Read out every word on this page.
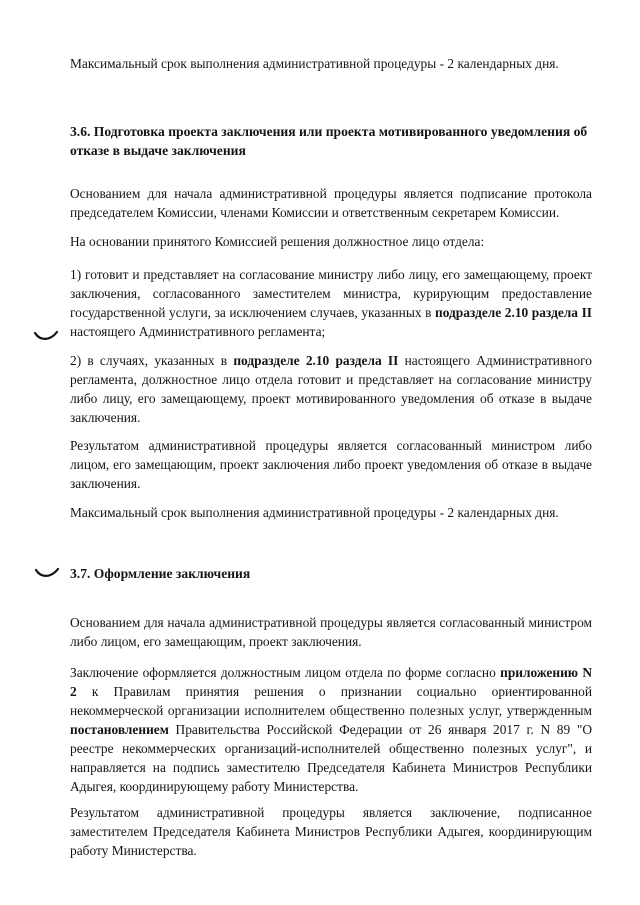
Максимальный срок выполнения административной процедуры - 2 календарных дня.

3.6. Подготовка проекта заключения или проекта мотивированного уведомления об отказе в выдаче заключения

Основанием для начала административной процедуры является подписание протокола председателем Комиссии, членами Комиссии и ответственным секретарем Комиссии.

На основании принятого Комиссией решения должностное лицо отдела:

1) готовит и представляет на согласование министру либо лицу, его замещающему, проект заключения, согласованного заместителем министра, курирующим предоставление государственной услуги, за исключением случаев, указанных в подразделе 2.10 раздела II настоящего Административного регламента;

2) в случаях, указанных в подразделе 2.10 раздела II настоящего Административного регламента, должностное лицо отдела готовит и представляет на согласование министру либо лицу, его замещающему, проект мотивированного уведомления об отказе в выдаче заключения.

Результатом административной процедуры является согласованный министром либо лицом, его замещающим, проект заключения либо проект уведомления об отказе в выдаче заключения.

Максимальный срок выполнения административной процедуры - 2 календарных дня.

3.7. Оформление заключения

Основанием для начала административной процедуры является согласованный министром либо лицом, его замещающим, проект заключения.

Заключение оформляется должностным лицом отдела по форме согласно приложению N 2 к Правилам принятия решения о признании социально ориентированной некоммерческой организации исполнителем общественно полезных услуг, утвержденным постановлением Правительства Российской Федерации от 26 января 2017 г. N 89 "О реестре некоммерческих организаций-исполнителей общественно полезных услуг", и направляется на подпись заместителю Председателя Кабинета Министров Республики Адыгея, координирующему работу Министерства.

Результатом административной процедуры является заключение, подписанное заместителем Председателя Кабинета Министров Республики Адыгея, координирующим работу Министерства.
